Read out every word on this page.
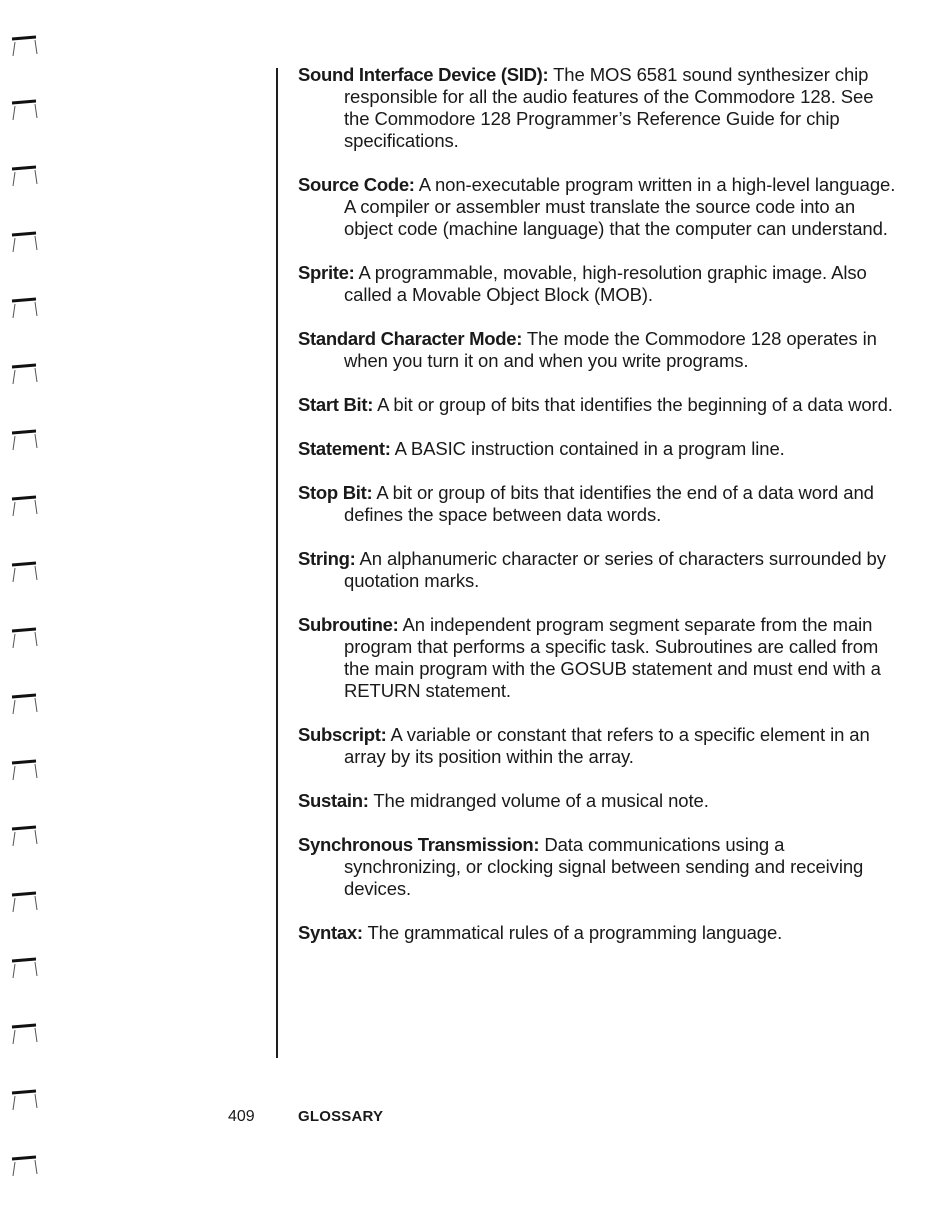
Sound Interface Device (SID): The MOS 6581 sound synthesizer chip responsible for all the audio features of the Commodore 128. See the Commodore 128 Programmer’s Reference Guide for chip specifications.

Source Code: A non-executable program written in a high-level language. A compiler or assembler must translate the source code into an object code (machine language) that the computer can understand.

Sprite: A programmable, movable, high-resolution graphic image. Also called a Movable Object Block (MOB).

Standard Character Mode: The mode the Commodore 128 operates in when you turn it on and when you write programs.

Start Bit: A bit or group of bits that identifies the beginning of a data word.

Statement: A BASIC instruction contained in a program line.

Stop Bit: A bit or group of bits that identifies the end of a data word and defines the space between data words.

String: An alphanumeric character or series of characters surrounded by quotation marks.

Subroutine: An independent program segment separate from the main program that performs a specific task. Subroutines are called from the main program with the GOSUB statement and must end with a RETURN statement.

Subscript: A variable or constant that refers to a specific element in an array by its position within the array.

Sustain: The midranged volume of a musical note.

Synchronous Transmission: Data communications using a synchronizing, or clocking signal between sending and receiving devices.

Syntax: The grammatical rules of a programming language.

409	GLOSSARY
